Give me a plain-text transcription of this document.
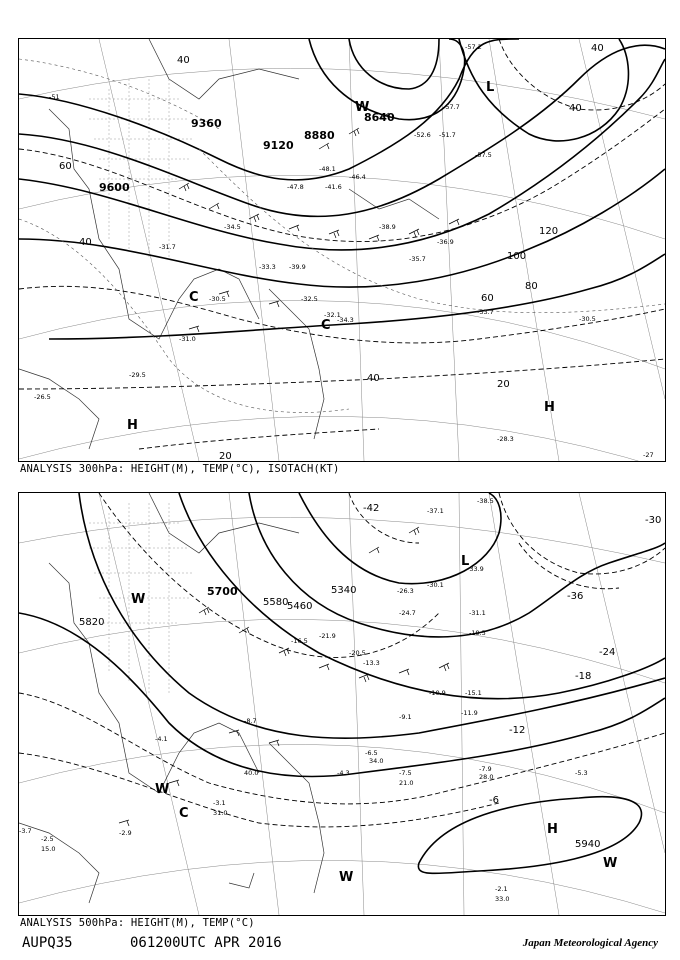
9360
9120
8880
8640
9600
40
60
40
80
100
120
60
40
20
20
40
40
H
H
L
C
C
W
-51
-47.8
-57.7
-52.6 -51.7
-57.5
-48.1
-34.5
-32.5
-36.9
-33.7
-34.3	-30.5
-39.9
-29.5
-31.0
-28.3
-26.5
-30.5
-57.2
-41.6
-46.4
-38.9
-33.3
-32.1
-31.7
-35.7
-27
ANALYSIS 300hPa: HEIGHT(M), TEMP(°C), ISOTACH(KT)
5700
5580
5460
5340
5820
5940
-42
-36
-30
-24
-18
-12
-6
L
H
W
W
W
C
W
-37.1
-38.5
-33.9
-30.1
-26.3
-31.1
-24.7
-19.5
-15.1
-10.9
-7.5	-7.9	-5.3
-4.3
-6.5
-2.1
-2.9
-3.1
-2.5
-3.7
-8.7
-11.9
-16.5
-21.9
-20.5
-9.1
-13.3
-4.1
33.0
34.0
28.0
21.0
40.0
31.0
15.0
ANALYSIS 500hPa: HEIGHT(M), TEMP(°C)
AUPQ35	061200UTC APR 2016	Japan Meteorological Agency
